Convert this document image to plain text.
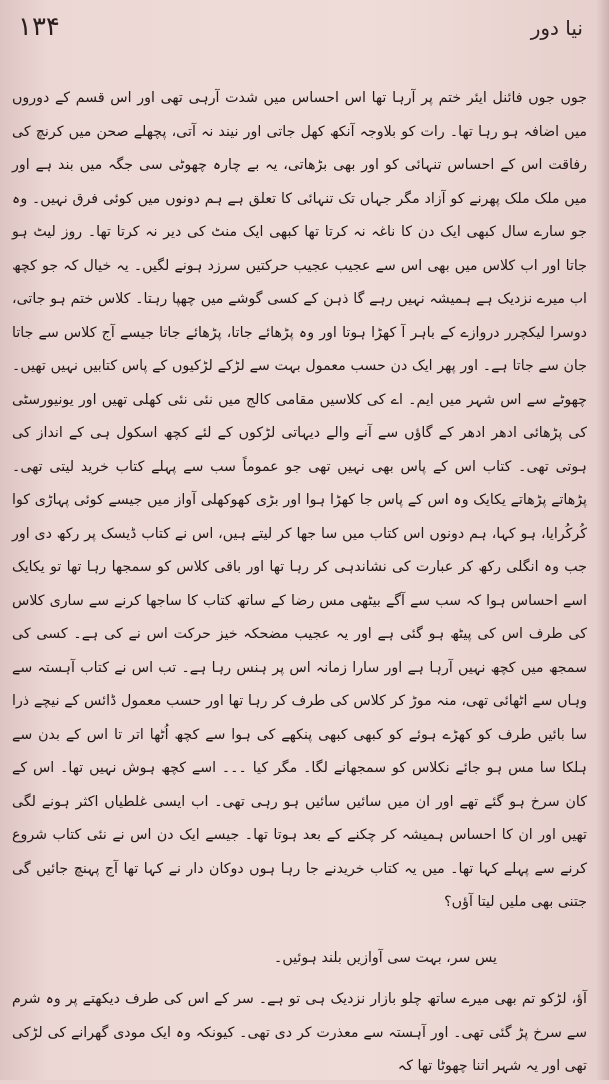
۱۳۴	نیا دور

جوں جوں فائنل ایئر ختم پر آرہا تھا اس احساس میں شدت آرہی تھی اور اس قسم کے دوروں میں اضافہ ہو رہا تھا۔ رات کو بلاوجہ آنکھ کھل جاتی اور نیند نہ آتی، پچھلے صحن میں کرنچ کی رفاقت اس کے احساس تنہائی کو اور بھی بڑھاتی، یہ بے چارہ چھوٹی سی جگہ میں بند ہے اور میں ملک ملک پھرنے کو آزاد مگر جہاں تک تنہائی کا تعلق ہے ہم دونوں میں کوئی فرق نہیں۔ وہ جو سارے سال کبھی ایک دن کا ناغہ نہ کرتا تھا کبھی ایک منٹ کی دیر نہ کرتا تھا۔ روز لیٹ ہو جاتا اور اب کلاس میں بھی اس سے عجیب عجیب حرکتیں سرزد ہونے لگیں۔ یہ خیال کہ جو کچھ اب میرے نزدیک ہے ہمیشہ نہیں رہے گا ذہن کے کسی گوشے میں چھپا رہتا۔ کلاس ختم ہو جاتی، دوسرا لیکچرر دروازے کے باہر آ کھڑا ہوتا اور وہ پڑھائے جاتا، پڑھائے جاتا جیسے آج کلاس سے جاتا جان سے جاتا ہے۔ اور پھر ایک دن حسب معمول بہت سے لڑکے لڑکیوں کے پاس کتابیں نہیں تھیں۔ چھوٹے سے اس شہر میں ایم۔ اے کی کلاسیں مقامی کالج میں نئی نئی کھلی تھیں اور یونیورسٹی کی پڑھائی ادھر ادھر کے گاؤں سے آنے والے دیہاتی لڑکوں کے لئے کچھ اسکول ہی کے انداز کی ہوتی تھی۔ کتاب اس کے پاس بھی نہیں تھی جو عموماً سب سے پہلے کتاب خرید لیتی تھی۔ پڑھاتے پڑھاتے یکایک وہ اس کے پاس جا کھڑا ہوا اور بڑی کھوکھلی آواز میں جیسے کوئی پہاڑی کوا کُرکُرایا، ہو کہا، ہم دونوں اس کتاب میں سا جھا کر لیتے ہیں، اس نے کتاب ڈیسک پر رکھ دی اور جب وہ انگلی رکھ کر عبارت کی نشاندہی کر رہا تھا اور باقی کلاس کو سمجھا رہا تھا تو یکایک اسے احساس ہوا کہ سب سے آگے بیٹھی مس رضا کے ساتھ کتاب کا ساجھا کرنے سے ساری کلاس کی طرف اس کی پیٹھ ہو گئی ہے اور یہ عجیب مضحکہ خیز حرکت اس نے کی ہے۔ کسی کی سمجھ میں کچھ نہیں آرہا ہے اور سارا زمانہ اس پر ہنس رہا ہے۔ تب اس نے کتاب آہستہ سے وہاں سے اٹھائی تھی، منہ موڑ کر کلاس کی طرف کر رہا تھا اور حسب معمول ڈائس کے نیچے ذرا سا بائیں طرف کو کھڑے ہوئے کو کبھی کبھی پنکھے کی ہوا سے کچھ اُٹھا اتر تا اس کے بدن سے ہلکا سا مس ہو جائے نکلاس کو سمجھانے لگا۔ مگر کیا ۔۔۔ اسے کچھ ہوش نہیں تھا۔ اس کے کان سرخ ہو گئے تھے اور ان میں سائیں سائیں ہو رہی تھی۔ اب ایسی غلطیاں اکثر ہونے لگی تھیں اور ان کا احساس ہمیشہ کر چکنے کے بعد ہوتا تھا۔ جیسے ایک دن اس نے نئی کتاب شروع کرنے سے پہلے کہا تھا۔ میں یہ کتاب خریدنے جا رہا ہوں دوکان دار نے کہا تھا آج پہنچ جائیں گی جتنی بھی ملیں لیتا آؤں؟

یس سر، بہت سی آوازیں بلند ہوئیں۔

آؤ، لڑکو تم بھی میرے ساتھ چلو بازار نزدیک ہی تو ہے۔ سر کے اس کی طرف دیکھتے پر وہ شرم سے سرخ پڑ گئی تھی۔ اور آہستہ سے معذرت کر دی تھی۔ کیونکہ وہ ایک مودی گھرانے کی لڑکی تھی اور یہ شہر اتنا چھوٹا تھا کہ
